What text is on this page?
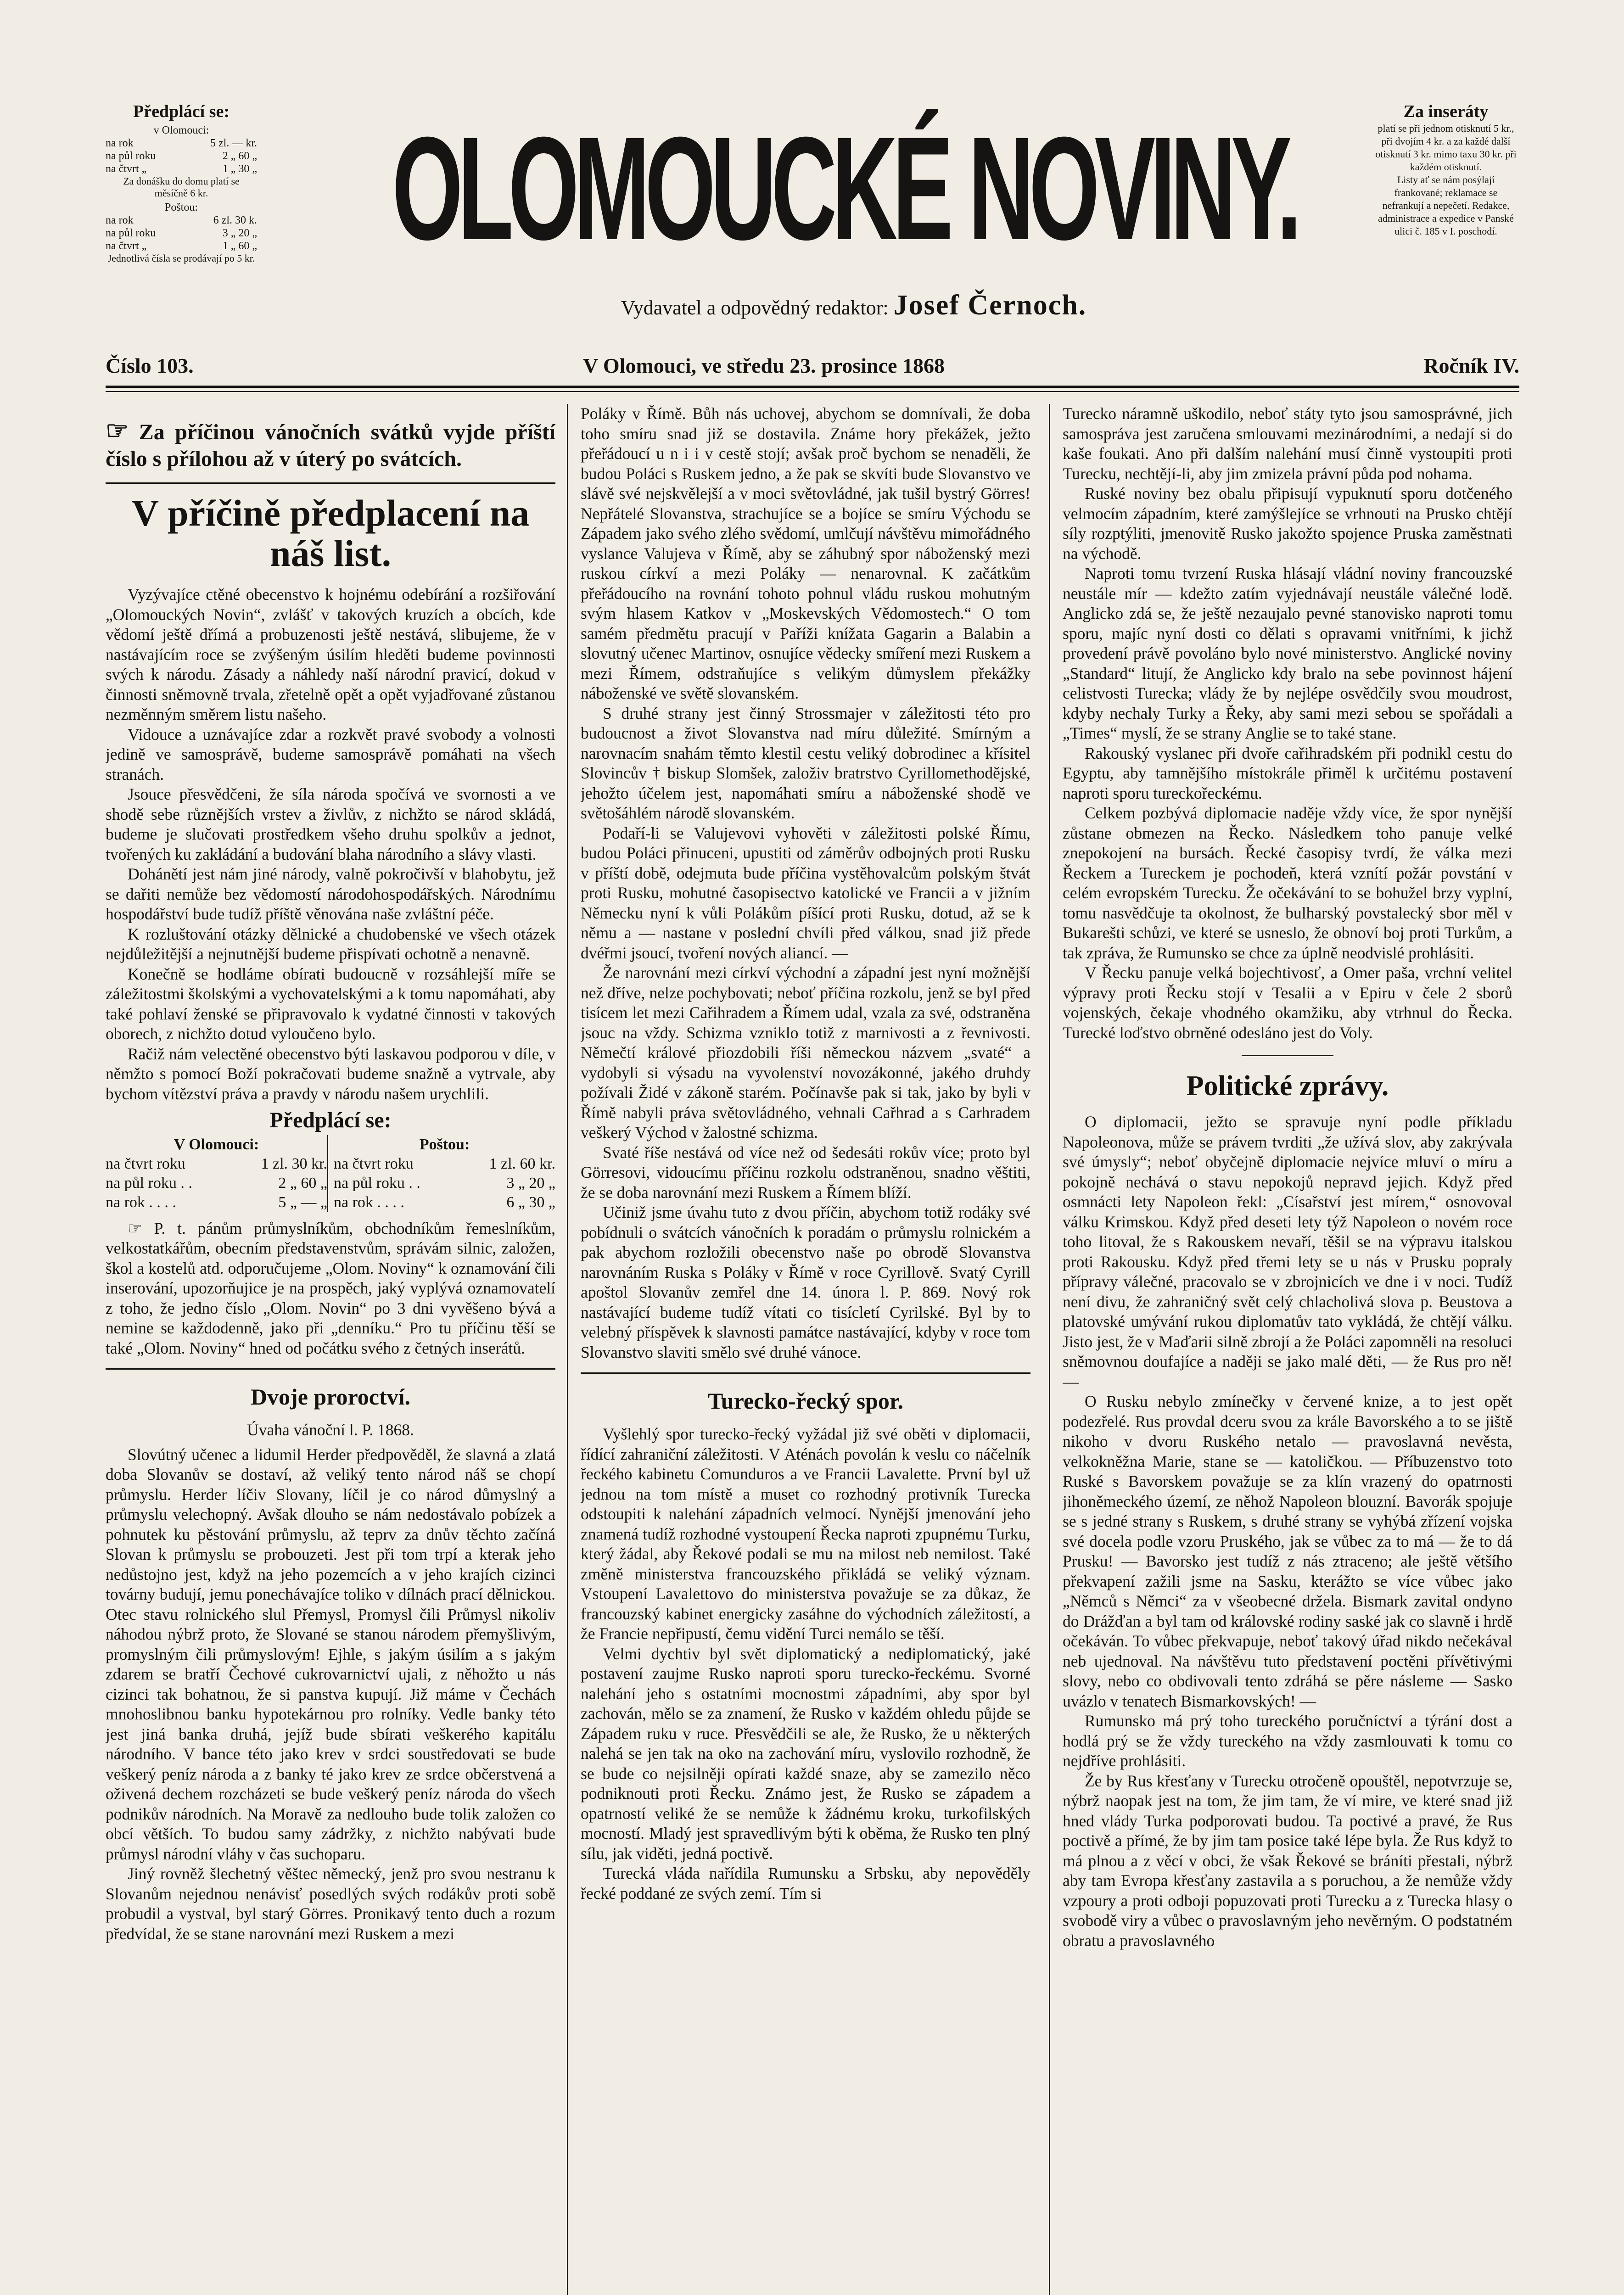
Předplácí se:
v Olomouci:
na rok	5 zl. — kr.
na půl roku	2 „ 60 „
na čtvrt „	1 „ 30 „
Za donášku do domu platí se měsíčně 6 kr.
Poštou:
na rok	6 zl. 30 k.
na půl roku	3 „ 20 „
na čtvrt „	1 „ 60 „
Jednotlivá čísla se prodávají po 5 kr. OLOMOUCKÉ NOVINY.
Vydavatel a odpovědný redaktor: Josef Černoch.
Za inseráty

platí se při jednom otisknutí 5 kr., při dvojím 4 kr. a za každé další otisknutí 3 kr. mimo taxu 30 kr. při každém otisknutí.

Listy ať se nám posýlají frankované; reklamace se nefrankují a nepečetí. Redakce, administrace a expedice v Panské ulici č. 185 v I. poschodí.

Číslo 103.	V Olomouci, ve středu 23. prosince 1868	Ročník IV.
☞ Za příčinou vánočních svátků vyjde příští číslo s přílohou až v úterý po svátcích.
V příčině předplacení na náš list.

Vyzývajíce ctěné obecenstvo k hojnému odebírání a rozšiřování „Olomouckých Novin“, zvlášť v takových kruzích a obcích, kde vědomí ještě dřímá a probuzenosti ještě nestává, slibujeme, že v nastávajícím roce se zvýšeným úsilím hleděti budeme povinnosti svých k národu. Zásady a náhledy naší národní pravicí, dokud v činnosti sněmovně trvala, zřetelně opět a opět vyjadřované zůstanou nezměnným směrem listu našeho.

Vidouce a uznávajíce zdar a rozkvět pravé svobody a volnosti jedině ve samosprávě, budeme samosprávě pomáhati na všech stranách.

Jsouce přesvědčeni, že síla národa spočívá ve svornosti a ve shodě sebe různějších vrstev a živlův, z nichžto se národ skládá, budeme je slučovati prostředkem všeho druhu spolkův a jednot, tvořených ku zakládání a budování blaha národního a slávy vlasti.

Dohánětí jest nám jiné národy, valně pokročivší v blahobytu, jež se dařiti nemůže bez vědomostí národohospodářských. Národnímu hospodářství bude tudíž příště věnována naše zvláštní péče.

K rozluštování otázky dělnické a chudobenské ve všech otázek nejdůležitější a nejnutnější budeme přispívati ochotně a nenavně.

Konečně se hodláme obírati budoucně v rozsáhlejší míře se záležitostmi školskými a vychovatelskými a k tomu napomáhati, aby také pohlaví ženské se připravovalo k vydatné činnosti v takových oborech, z nichžto dotud vyloučeno bylo.

Račiž nám velectěné obecenstvo býti laskavou podporou v díle, v němžto s pomocí Boží pokračovati budeme snažně a vytrvale, aby bychom vítězství práva a pravdy v národu našem urychlili.

Předplácí se:
V Olomouci:
na čtvrt roku	1 zl. 30 kr.
na půl roku . .	2 „ 60 „
na rok . . . .	5 „ — „
Poštou:
na čtvrt roku	1 zl. 60 kr.
na půl roku . .	3 „ 20 „
na rok . . . .	6 „ 30 „

☞ P. t. pánům průmyslníkům, obchodníkům řemeslníkům, velkostatkářům, obecním představenstvům, správám silnic, založen, škol a kostelů atd. odporučujeme „Olom. Noviny“ k oznamování čili inserování, upozorňujice je na prospěch, jaký vyplývá oznamovatelí z toho, že jedno číslo „Olom. Novin“ po 3 dni vyvěšeno bývá a nemine se každodenně, jako při „denníku.“ Pro tu příčinu těší se také „Olom. Noviny“ hned od počátku svého z četných inserátů.

Dvoje proroctví.
Úvaha vánoční l. P. 1868.

Slovútný učenec a lidumil Herder předpověděl, že slavná a zlatá doba Slovanův se dostaví, až veliký tento národ náš se chopí průmyslu. Herder líčiv Slovany, líčil je co národ důmyslný a průmyslu velechopný. Avšak dlouho se nám nedostávalo pobízek a pohnutek ku pěstování průmyslu, až teprv za dnův těchto začíná Slovan k průmyslu se probouzeti. Jest při tom trpí a kterak jeho nedůstojno jest, když na jeho pozemcích a v jeho krajích cizinci továrny budují, jemu ponechávajíce toliko v dílnách prací dělnickou. Otec stavu rolnického slul Přemysl, Promysl čili Průmysl nikoliv náhodou nýbrž proto, že Slované se stanou národem přemyšlivým, promyslným čili průmyslovým! Ejhle, s jakým úsilím a s jakým zdarem se bratří Čechové cukrovarnictví ujali, z něhožto u nás cizinci tak bohatnou, že si panstva kupují. Již máme v Čechách mnohoslibnou banku hypotekárnou pro rolníky. Vedle banky této jest jiná banka druhá, jejíž bude sbírati veškerého kapitálu národního. V bance této jako krev v srdci soustředovati se bude veškerý peníz národa a z banky té jako krev ze srdce občerstvená a oživená dechem rozcházeti se bude veškerý peníz národa do všech podnikův národních. Na Moravě za nedlouho bude tolik založen co obcí větších. To budou samy zádržky, z nichžto nabývati bude průmysl národní vláhy v čas suchoparu.

Jiný rovněž šlechetný věštec německý, jenž pro svou nestranu k Slovanům nejednou nenávisť posedlých svých rodákův proti sobě probudil a vystval, byl starý Görres. Pronikavý tento duch a rozum předvídal, že se stane narovnání mezi Ruskem a mezi

Poláky v Římě. Bůh nás uchovej, abychom se domnívali, že doba toho smíru snad již se dostavila. Známe hory překážek, ježto přeřádoucí u n i i v cestě stojí; avšak proč bychom se nenaděli, že budou Poláci s Ruskem jedno, a že pak se skvíti bude Slovanstvo ve slávě své nejskvělejší a v moci světovládné, jak tušil bystrý Görres! Nepřátelé Slovanstva, strachujíce se a bojíce se smíru Východu se Západem jako svého zlého svědomí, umlčují návštěvu mimořádného vyslance Valujeva v Římě, aby se záhubný spor náboženský mezi ruskou církví a mezi Poláky — nenarovnal. K začátkům přeřádoucího na rovnání tohoto pohnul vládu ruskou mohutným svým hlasem Katkov v „Moskevských Vědomostech.“ O tom samém předmětu pracují v Paříži knížata Gagarin a Balabin a slovutný učenec Martinov, osnujíce vědecky smíření mezi Ruskem a mezi Římem, odstraňujíce s velikým důmyslem překážky náboženské ve světě slovanském.

S druhé strany jest činný Strossmajer v záležitosti této pro budoucnost a život Slovanstva nad míru důležité. Smírným a narovnacím snahám těmto klestil cestu veliký dobrodinec a křísitel Slovincův † biskup Slomšek, založiv bratrstvo Cyrillomethodějské, jehožto účelem jest, napomáhati smíru a náboženské shodě ve světošáhlém národě slovanském.

Podaří-li se Valujevovi vyhověti v záležitosti polské Římu, budou Poláci přinuceni, upustiti od záměrův odbojných proti Rusku v příští době, odejmuta bude příčina vystěhovalcům polským štvát proti Rusku, mohutné časopisectvo katolické ve Francii a v jižním Německu nyní k vůli Polákům píšící proti Rusku, dotud, až se k němu a — nastane v poslední chvíli před válkou, snad již přede dvéřmi jsoucí, tvoření nových aliancí. —

Že narovnání mezi církví východní a západní jest nyní možnější než dříve, nelze pochybovati; neboť příčina rozkolu, jenž se byl před tisícem let mezi Cařihradem a Římem udal, vzala za své, odstraněna jsouc na vždy. Schizma vzniklo totiž z marnivosti a z řevnivosti. Němečtí králové přiozdobili říši německou názvem „svaté“ a vydobyli si výsadu na vyvolenství novozákonné, jakého druhdy požívali Židé v zákoně starém. Počínavše pak si tak, jako by byli v Římě nabyli práva světovládného, vehnali Cařhrad a s Carhradem veškerý Východ v žalostné schizma.

Svaté říše nestává od více než od šedesáti rokův více; proto byl Görresovi, vidoucímu příčinu rozkolu odstraněnou, snadno věštiti, že se doba narovnání mezi Ruskem a Římem blíží.

Učiniž jsme úvahu tuto z dvou příčin, abychom totiž rodáky své pobídnuli o svátcích vánočních k poradám o průmyslu rolnickém a pak abychom rozložili obecenstvo naše po obrodě Slovanstva narovnáním Ruska s Poláky v Římě v roce Cyrillově. Svatý Cyrill apoštol Slovanův zemřel dne 14. února l. P. 869. Nový rok nastávající budeme tudíž vítati co tisícletí Cyrilské. Byl by to velebný příspěvek k slavnosti památce nastávající, kdyby v roce tom Slovanstvo slaviti smělo své druhé vánoce.

Turecko-řecký spor.

Vyšlehlý spor turecko-řecký vyžádal již své oběti v diplomacii, řídící zahraniční záležitosti. V Aténách povolán k veslu co náčelník řeckého kabinetu Comunduros a ve Francii Lavalette. První byl už jednou na tom místě a muset co rozhodný protivník Turecka odstoupiti k nalehání západních velmocí. Nynější jmenování jeho znamená tudíž rozhodné vystoupení Řecka naproti zpupnému Turku, který žádal, aby Řekové podali se mu na milost neb nemilost. Také změně ministerstva francouzského přikládá se veliký význam. Vstoupení Lavalettovo do ministerstva považuje se za důkaz, že francouzský kabinet energicky zasáhne do východních záležitostí, a že Francie nepřipustí, čemu vidění Turci nemálo se těší.

Velmi dychtiv byl svět diplomatický a nediplomatický, jaké postavení zaujme Rusko naproti sporu turecko-řeckému. Svorné nalehání jeho s ostatními mocnostmi západními, aby spor byl zachován, mělo se za znamení, že Rusko v každém ohledu půjde se Západem ruku v ruce. Přesvědčili se ale, že Rusko, že u některých nalehá se jen tak na oko na zachování míru, vyslovilo rozhodně, že se bude co nejsilněji opírati každé snaze, aby se zamezilo něco podniknouti proti Řecku. Známo jest, že Rusko se západem a opatrností veliké že se nemůže k žádnému kroku, turkofilských mocností. Mladý jest spravedlivým býti k oběma, že Rusko ten plný sílu, jak viděti, jedná poctivě.

Turecká vláda nařídila Rumunsku a Srbsku, aby nepověděly řecké poddané ze svých zemí. Tím si

Turecko náramně uškodilo, neboť státy tyto jsou samosprávné, jich samospráva jest zaručena smlouvami mezinárodními, a nedají si do kaše foukati. Ano při dalším nalehání musí činně vystoupiti proti Turecku, nechtějí-li, aby jim zmizela právní půda pod nohama.

Ruské noviny bez obalu připisují vypuknutí sporu dotčeného velmocím západním, které zamýšlejíce se vrhnouti na Prusko chtějí síly rozptýliti, jmenovitě Rusko jakožto spojence Pruska zaměstnati na východě.

Naproti tomu tvrzení Ruska hlásají vládní noviny francouzské neustále mír — kdežto zatím vyjednávají neustále válečné lodě. Anglicko zdá se, že ještě nezaujalo pevné stanovisko naproti tomu sporu, majíc nyní dosti co dělati s opravami vnitřními, k jichž provedení právě povoláno bylo nové ministerstvo. Anglické noviny „Standard“ litují, že Anglicko kdy bralo na sebe povinnost hájení celistvosti Turecka; vlády že by nejlépe osvědčily svou moudrost, kdyby nechaly Turky a Řeky, aby sami mezi sebou se spořádali a „Times“ myslí, že se strany Anglie se to také stane.

Rakouský vyslanec při dvoře cařihradském při podnikl cestu do Egyptu, aby tamnějšího místokrále přiměl k určitému postavení naproti sporu tureckořeckému.

Celkem pozbývá diplomacie naděje vždy více, že spor nynější zůstane obmezen na Řecko. Následkem toho panuje velké znepokojení na bursách. Řecké časopisy tvrdí, že válka mezi Řeckem a Tureckem je pochodeň, která vznítí požár povstání v celém evropském Turecku. Že očekávání to se bohužel brzy vyplní, tomu nasvědčuje ta okolnost, že bulharský povstalecký sbor měl v Bukarešti schůzi, ve které se usneslo, že obnoví boj proti Turkům, a tak zpráva, že Rumunsko se chce za úplně neodvislé prohlásiti.

V Řecku panuje velká bojechtivosť, a Omer paša, vrchní velitel výpravy proti Řecku stojí v Tesalii a v Epiru v čele 2 sborů vojenských, čekaje vhodného okamžiku, aby vtrhnul do Řecka. Turecké loďstvo obrněné odesláno jest do Voly.

Politické zprávy.

O diplomacii, ježto se spravuje nyní podle příkladu Napoleonova, může se právem tvrditi „že užívá slov, aby zakrývala své úmysly“; neboť obyčejně diplomacie nejvíce mluví o míru a pokojně nechává o stavu nepokojů nepravd jejich. Když před osmnácti lety Napoleon řekl: „Císařství jest mírem,“ osnovoval válku Krimskou. Když před deseti lety týž Napoleon o novém roce toho litoval, že s Rakouskem nevaří, těšil se na výpravu italskou proti Rakousku. Když před třemi lety se u nás v Prusku popraly přípravy válečné, pracovalo se v zbrojnicích ve dne i v noci. Tudíž není divu, že zahraničný svět celý chlacholivá slova p. Beustova a platovské umývání rukou diplomatův tato vykládá, že chtějí válku. Jisto jest, že v Maďarii silně zbrojí a že Poláci zapomněli na resoluci sněmovnou doufajíce a naději se jako malé děti, — že Rus pro ně! —

O Rusku nebylo zmínečky v červené knize, a to jest opět podezřelé. Rus provdal dceru svou za krále Bavorského a to se jiště nikoho v dvoru Ruského netalo — pravoslavná nevěsta, velkokněžna Marie, stane se — katoličkou. — Příbuzenstvo toto Ruské s Bavorskem považuje se za klín vrazený do opatrnosti jihoněmeckého území, ze něhož Napoleon blouzní. Bavorák spojuje se s jedné strany s Ruskem, s druhé strany se vyhýbá zřízení vojska své docela podle vzoru Pruského, jak se vůbec za to má — že to dá Prusku! — Bavorsko jest tudíž z nás ztraceno; ale ještě většího překvapení zažili jsme na Sasku, kterážto se více vůbec jako „Němců s Němci“ za v všeobecné držela. Bismark zavital ondyno do Drážďan a byl tam od královské rodiny saské jak co slavně i hrdě očekáván. To vůbec překvapuje, neboť takový úřad nikdo nečekával neb ujednoval. Na návštěvu tuto představení poctěni přívětivými slovy, nebo co obdivovali tento zdráhá se pěre násleme — Sasko uvázlo v tenatech Bismarkovských! —

Rumunsko má prý toho tureckého poručníctví a týrání dost a hodlá prý se že vždy tureckého na vždy zasmlouvati k tomu co nejdříve prohlásiti.

Že by Rus křesťany v Turecku otročeně opouštěl, nepotvrzuje se, nýbrž naopak jest na tom, že jim tam, že ví mire, ve které snad již hned vlády Turka podporovati budou. Ta poctivé a pravé, že Rus poctivě a přímé, že by jim tam posice také lépe byla. Že Rus když to má plnou a z věcí v obci, že však Řekové se bráníti přestali, nýbrž aby tam Evropa křesťany zastavila a s poruchou, a že nemůže vždy vzpoury a proti odboji popuzovati proti Turecku a z Turecka hlasy o svobodě viry a vůbec o pravoslavným jeho nevěrným. O podstatném obratu a pravoslavného
